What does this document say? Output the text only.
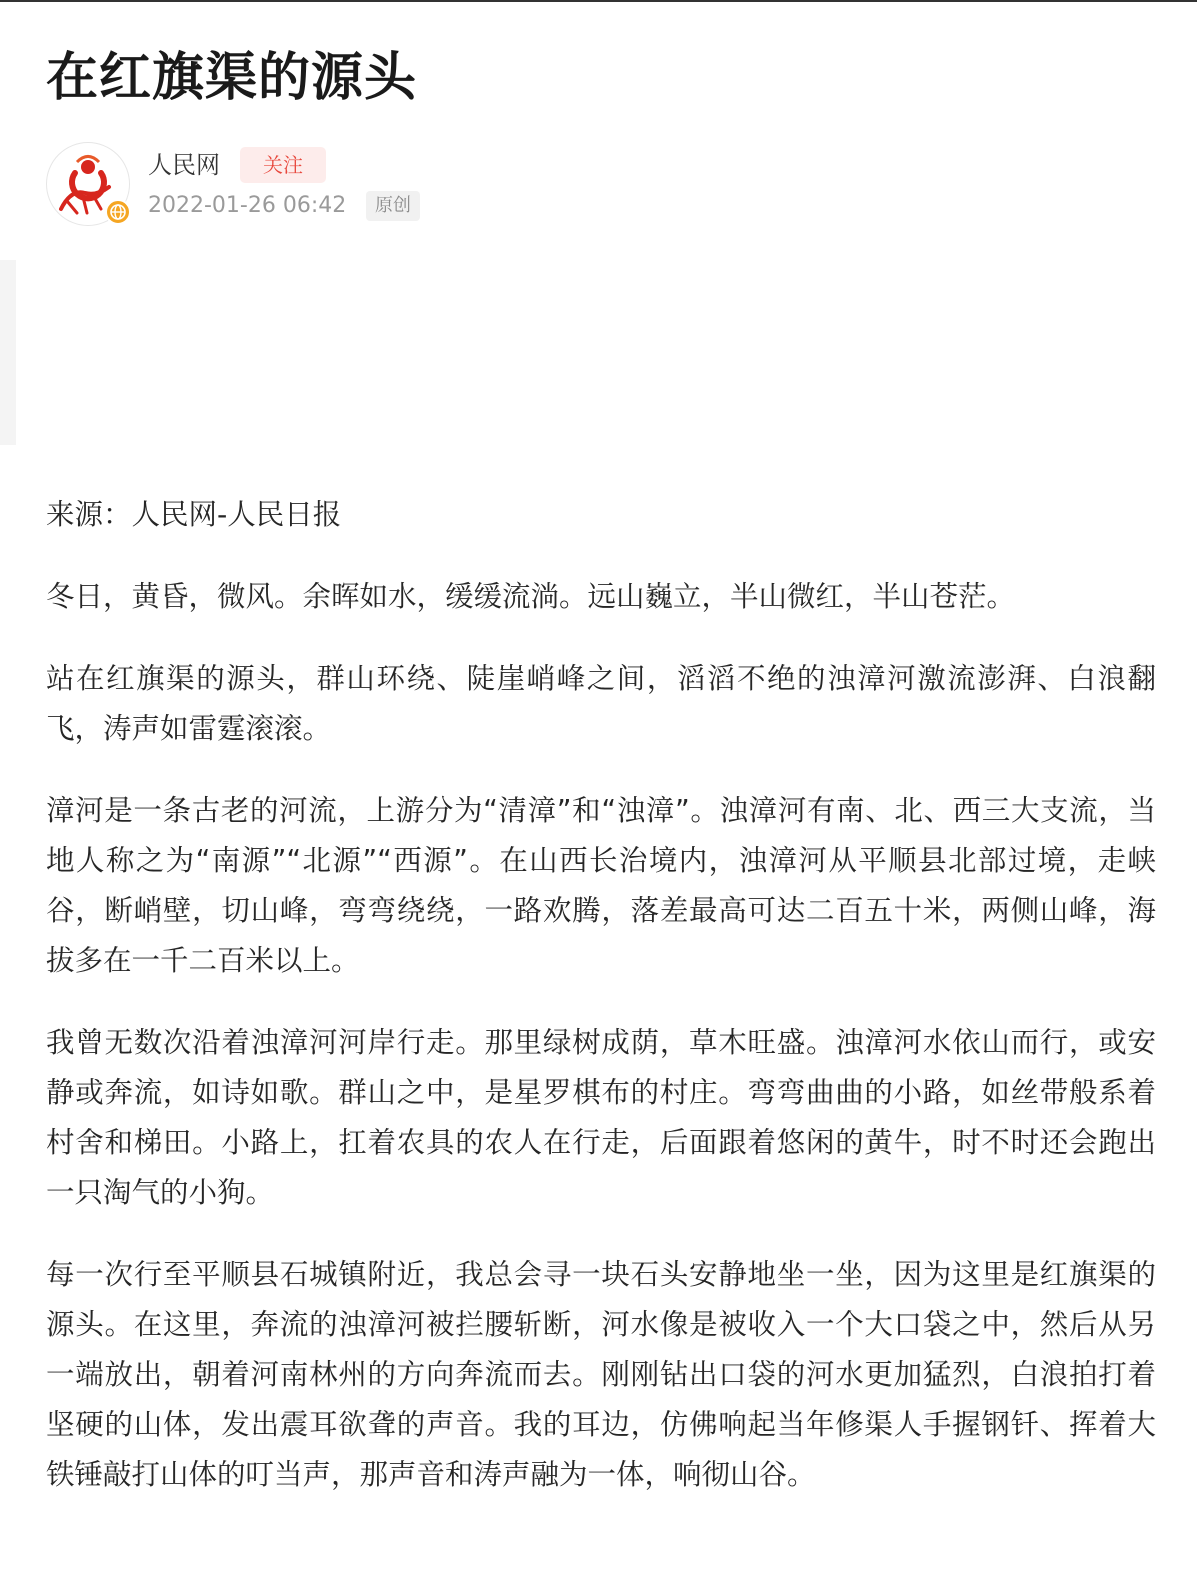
在红旗渠的源头
人民网	关注
2022-01-26 06:42	原创

来源：人民网-人民日报

冬日，黄昏，微风。余晖如水，缓缓流淌。远山巍立，半山微红，半山苍茫。

站在红旗渠的源头，群山环绕、陡崖峭峰之间，滔滔不绝的浊漳河激流澎湃、白浪翻飞，涛声如雷霆滚滚。

漳河是一条古老的河流，上游分为“清漳”和“浊漳”。浊漳河有南、北、西三大支流，当地人称之为“南源”“北源”“西源”。在山西长治境内，浊漳河从平顺县北部过境，走峡谷，断峭壁，切山峰，弯弯绕绕，一路欢腾，落差最高可达二百五十米，两侧山峰，海拔多在一千二百米以上。

我曾无数次沿着浊漳河河岸行走。那里绿树成荫，草木旺盛。浊漳河水依山而行，或安静或奔流，如诗如歌。群山之中，是星罗棋布的村庄。弯弯曲曲的小路，如丝带般系着村舍和梯田。小路上，扛着农具的农人在行走，后面跟着悠闲的黄牛，时不时还会跑出一只淘气的小狗。

每一次行至平顺县石城镇附近，我总会寻一块石头安静地坐一坐，因为这里是红旗渠的源头。在这里，奔流的浊漳河被拦腰斩断，河水像是被收入一个大口袋之中，然后从另一端放出，朝着河南林州的方向奔流而去。刚刚钻出口袋的河水更加猛烈，白浪拍打着坚硬的山体，发出震耳欲聋的声音。我的耳边，仿佛响起当年修渠人手握钢钎、挥着大铁锤敲打山体的叮当声，那声音和涛声融为一体，响彻山谷。
